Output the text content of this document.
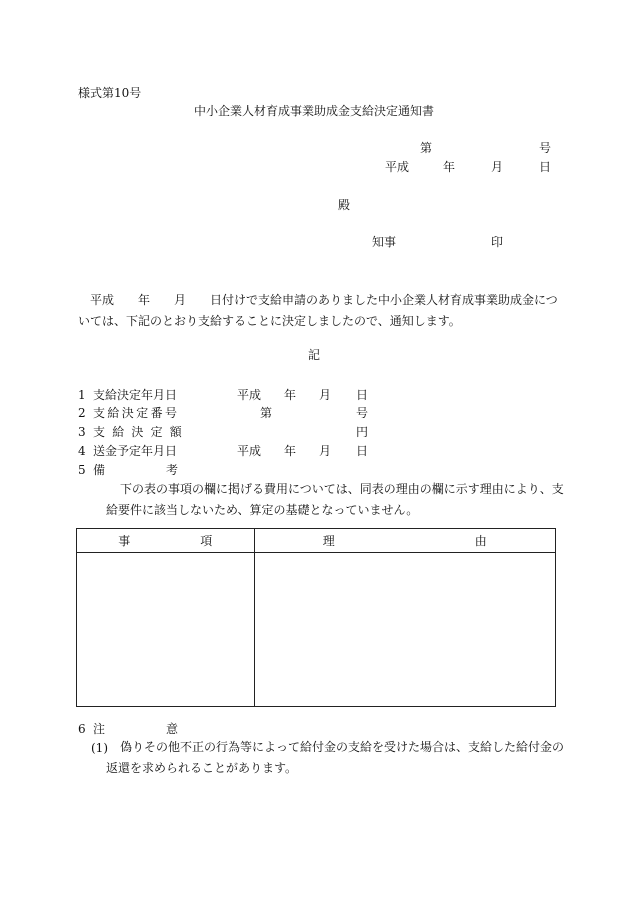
様式第10号
中小企業人材育成事業助成金支給決定通知書
第	号
平成	年	月	日
殿
知事	印
平成　　年　　月　　日付けで支給申請のありました中小企業人材育成事業助成金につ
いては、下記のとおり支給することに決定しましたので、通知します。
記
1 支給決定年月日	平成 年 月 日
2 支給決定番号	第	号
3 支給決定額	円
4 送金予定年月日	平成 年 月 日
5 備	考
下の表の事項の欄に掲げる費用については、同表の理由の欄に示す理由により、支
給要件に該当しないため、算定の基礎となっていません。
事 項	理 由

6 注	意
(1) 偽りその他不正の行為等によって給付金の支給を受けた場合は、支給した給付金の
返還を求められることがあります。
